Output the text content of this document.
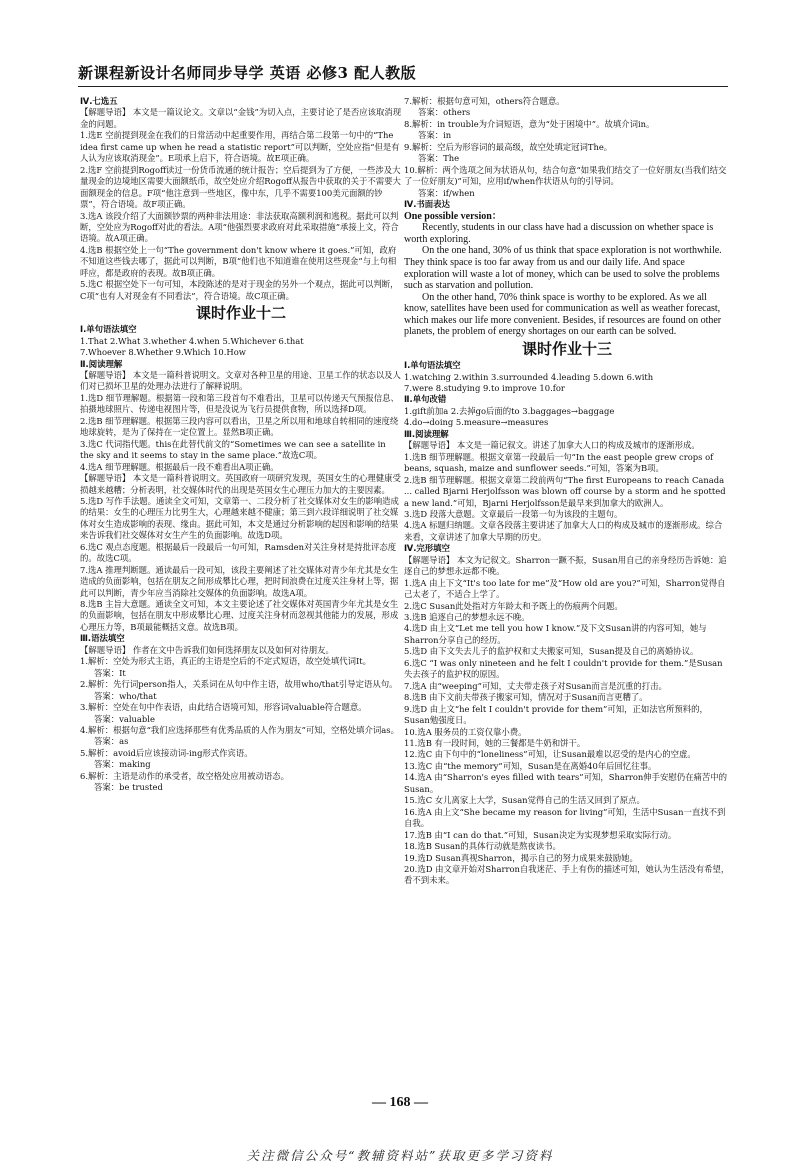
新课程新设计名师同步导学 英语 必修3 配人教版

Ⅳ.七选五

【解题导语】 本文是一篇议论文。文章以“金钱”为切入点，主要讨论了是否应该取消现金的问题。

1.选E 空前提到现金在我们的日常活动中起重要作用，再结合第二段第一句中的“The idea first came up when he read a statistic report”可以判断，空处应指“但是有人认为应该取消现金”。E项承上启下，符合语境。故E项正确。

2.选F 空前提到Rogoff读过一份货币流通的统计报告；空后提到为了方便，一些涉及大量现金的边境地区需要大面额纸币，故空处应介绍Rogoff从报告中获取的关于不需要大面额现金的信息。F项“他注意到一些地区，像中东，几乎不需要100美元面额的钞票”，符合语境。故F项正确。

3.选A 该段介绍了大面额钞票的两种非法用途：非法获取高额利润和逃税。据此可以判断，空处应为Rogoff对此的看法。A项“他强烈要求政府对此采取措施”承接上文，符合语境。故A项正确。

4.选B 根据空处上一句“The government don't know where it goes.”可知，政府不知道这些钱去哪了，据此可以判断，B项“他们也不知道谁在使用这些现金”与上句相呼应，都是政府的表现。故B项正确。

5.选C 根据空处下一句可知，本段陈述的是对于现金的另外一个观点，据此可以判断，C项“也有人对现金有不同看法”，符合语境。故C项正确。

课时作业十二

Ⅰ.单句语法填空

1.That 2.What 3.whether 4.when 5.Whichever 6.that

7.Whoever 8.Whether 9.Which 10.How

Ⅱ.阅读理解

【解题导语】 本文是一篇科普说明文。文章对各种卫星的用途、卫星工作的状态以及人们对已损坏卫星的处理办法进行了解释说明。

1.选D 细节理解题。根据第一段和第三段首句不难看出，卫星可以传递天气预报信息、拍摄地球照片、传递电视图片等，但是没说为飞行员提供食物，所以选择D项。

2.选B 细节理解题。根据第三段内容可以看出，卫星之所以用和地球自转相同的速度绕地球旋转，是为了保持在一定位置上。显然B项正确。

3.选C 代词指代题。this在此替代前文的“Sometimes we can see a satellite in the sky and it seems to stay in the same place.”故选C项。

4.选A 细节理解题。根据最后一段不难看出A项正确。

【解题导语】 本文是一篇科普说明文。英国政府一项研究发现，英国女生的心理健康受损越来越糟；分析表明，社交媒体时代的出现是英国女生心理压力加大的主要因素。

5.选D 写作手法题。通读全文可知，文章第一、二段分析了社交媒体对女生的影响造成的结果：女生的心理压力比男生大，心理越来越不健康；第三到六段详细说明了社交媒体对女生造成影响的表现、缘由。据此可知，本文是通过分析影响的起因和影响的结果来告诉我们社交媒体对女生产生的负面影响。故选D项。

6.选C 观点态度题。根据最后一段最后一句可知，Ramsden对关注身材是持批评态度的。故选C项。

7.选A 推理判断题。通读最后一段可知，该段主要阐述了社交媒体对青少年尤其是女生造成的负面影响，包括在朋友之间形成攀比心理，把时间浪费在过度关注身材上等，据此可以判断，青少年应当消除社交媒体的负面影响。故选A项。

8.选B 主旨大意题。通读全文可知，本文主要论述了社交媒体对英国青少年尤其是女生的负面影响，包括在朋友中形成攀比心理、过度关注身材而忽视其他能力的发展，形成心理压力等，B项最能概括文意。故选B项。

Ⅲ.语法填空

【解题导语】 作者在文中告诉我们如何选择朋友以及如何对待朋友。

1.解析：空处为形式主语，真正的主语是空后的不定式短语，故空处填代词It。

答案：It

2.解析：先行词person指人，关系词在从句中作主语，故用who/that引导定语从句。

答案：who/that

3.解析：空处在句中作表语，由此结合语境可知，形容词valuable符合题意。

答案：valuable

4.解析：根据句意“我们应选择那些有优秀品质的人作为朋友”可知，空格处填介词as。

答案：as

5.解析：avoid后应该接动词-ing形式作宾语。

答案：making

6.解析：主语是动作的承受者，故空格处应用被动语态。

答案：be trusted

7.解析：根据句意可知，others符合题意。

答案：others

8.解析：in trouble为介词短语，意为“处于困境中”。故填介词in。

答案：in

9.解析：空后为形容词的最高级，故空处填定冠词The。

答案：The

10.解析：两个选项之间为状语从句，结合句意“如果我们结交了一位好朋友(当我们结交了一位好朋友)”可知，应用if/when作状语从句的引导词。

答案：if/when

Ⅳ.书面表达

One possible version：

Recently, students in our class have had a discussion on whether space is worth exploring.

On the one hand, 30% of us think that space exploration is not worthwhile. They think space is too far away from us and our daily life. And space exploration will waste a lot of money, which can be used to solve the problems such as starvation and pollution.

On the other hand, 70% think space is worthy to be explored. As we all know, satellites have been used for communication as well as weather forecast, which makes our life more convenient. Besides, if resources are found on other planets, the problem of energy shortages on our earth can be solved.

课时作业十三

Ⅰ.单句语法填空

1.watching 2.within 3.surrounded 4.leading 5.down 6.with

7.were 8.studying 9.to improve 10.for

Ⅱ.单句改错

1.gift前加a 2.去掉go后面的to 3.baggages→baggage

4.do→doing 5.measure→measures

Ⅲ.阅读理解

【解题导语】 本文是一篇记叙文。讲述了加拿大人口的构成及城市的逐渐形成。

1.选B 细节理解题。根据文章第一段最后一句“In the east people grew crops of beans, squash, maize and sunflower seeds.”可知，答案为B项。

2.选B 细节理解题。根据文章第二段前两句“The first Europeans to reach Canada ... called Bjarni Herjolfsson was blown off course by a storm and he spotted a new land.”可知，Bjarni Herjolfsson是最早来到加拿大的欧洲人。

3.选D 段落大意题。文章最后一段第一句为该段的主题句。

4.选A 标题归纳题。文章各段落主要讲述了加拿大人口的构成及城市的逐渐形成。综合来看，文章讲述了加拿大早期的历史。

Ⅳ.完形填空

【解题导语】 本文为记叙文。Sharron一蹶不振，Susan用自己的亲身经历告诉她：追逐自己的梦想永远都不晚。

1.选A 由上下文“It's too late for me”及“How old are you?”可知，Sharron觉得自己太老了，不适合上学了。

2.选C Susan此处指对方年龄太和予既上的伤痕两个问题。

3.选B 追逐自己的梦想永远不晚。

4.选D 由上文“Let me tell you how I know.”及下文Susan讲的内容可知，她与Sharron分享自己的经历。

5.选D 由下文失去儿子的监护权和丈夫搬家可知，Susan提及自己的离婚协议。

6.选C “I was only nineteen and he felt I couldn't provide for them.”是Susan失去孩子的监护权的原因。

7.选A 由“weeping”可知，丈夫带走孩子对Susan而言是沉重的打击。

8.选B 由下文前夫带孩子搬家可知，情况对于Susan而言更糟了。

9.选D 由上文“he felt I couldn't provide for them”可知，正如法官所预料的，Susan勉强度日。

10.选A 服务员的工资仅靠小费。

11.选B 有一段时间，她的三餐都是牛奶和饼干。

12.选C 由下句中的“loneliness”可知，让Susan最难以忍受的是内心的空虚。

13.选C 由“the memory”可知，Susan是在离婚40年后回忆往事。

14.选A 由“Sharron's eyes filled with tears”可知，Sharron伸手安慰仍在痛苦中的Susan。

15.选C 女儿离家上大学，Susan觉得自己的生活又回到了原点。

16.选A 由上文“She became my reason for living”可知，生活中Susan一直找不到自我。

17.选B 由“I can do that.”可知，Susan决定为实现梦想采取实际行动。

18.选B Susan的具体行动就是熬夜读书。

19.选D Susan真视Sharron，揭示自己的努力成果来鼓励她。

20.选D 由文章开始对Sharron自我迷茫、手上有伤的描述可知，她认为生活没有希望，看不到未来。

— 168 —
关注微信公众号“教辅资料站”获取更多学习资料
